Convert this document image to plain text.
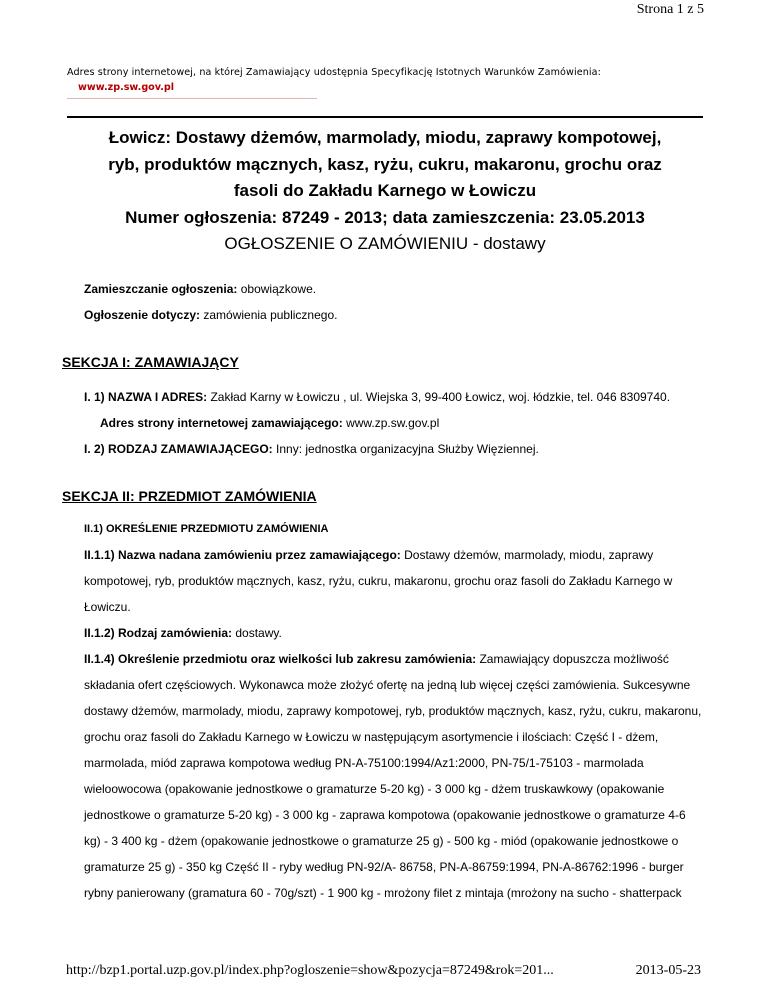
Strona 1 z 5
Adres strony internetowej, na której Zamawiający udostępnia Specyfikację Istotnych Warunków Zamówienia:
www.zp.sw.gov.pl
Łowicz: Dostawy dżemów, marmolady, miodu, zaprawy kompotowej,
ryb, produktów mącznych, kasz, ryżu, cukru, makaronu, grochu oraz
fasoli do Zakładu Karnego w Łowiczu
Numer ogłoszenia: 87249 - 2013; data zamieszczenia: 23.05.2013
OGŁOSZENIE O ZAMÓWIENIU - dostawy

Zamieszczanie ogłoszenia: obowiązkowe.

Ogłoszenie dotyczy: zamówienia publicznego.

SEKCJA I: ZAMAWIAJĄCY

I. 1) NAZWA I ADRES: Zakład Karny w Łowiczu , ul. Wiejska 3, 99-400 Łowicz, woj. łódzkie, tel. 046 8309740.

Adres strony internetowej zamawiającego: www.zp.sw.gov.pl

I. 2) RODZAJ ZAMAWIAJĄCEGO: Inny: jednostka organizacyjna Służby Więziennej.

SEKCJA II: PRZEDMIOT ZAMÓWIENIA

II.1) OKREŚLENIE PRZEDMIOTU ZAMÓWIENIA

II.1.1) Nazwa nadana zamówieniu przez zamawiającego: Dostawy dżemów, marmolady, miodu, zaprawy kompotowej, ryb, produktów mącznych, kasz, ryżu, cukru, makaronu, grochu oraz fasoli do Zakładu Karnego w Łowiczu.

II.1.2) Rodzaj zamówienia: dostawy.

II.1.4) Określenie przedmiotu oraz wielkości lub zakresu zamówienia: Zamawiający dopuszcza możliwość składania ofert częściowych. Wykonawca może złożyć ofertę na jedną lub więcej części zamówienia. Sukcesywne dostawy dżemów, marmolady, miodu, zaprawy kompotowej, ryb, produktów mącznych, kasz, ryżu, cukru, makaronu, grochu oraz fasoli do Zakładu Karnego w Łowiczu w następującym asortymencie i ilościach: Część I - dżem, marmolada, miód zaprawa kompotowa według PN-A-75100:1994/Az1:2000, PN-75/1-75103 - marmolada wieloowocowa (opakowanie jednostkowe o gramaturze 5-20 kg) - 3 000 kg - dżem truskawkowy (opakowanie jednostkowe o gramaturze 5-20 kg) - 3 000 kg - zaprawa kompotowa (opakowanie jednostkowe o gramaturze 4-6 kg) - 3 400 kg - dżem (opakowanie jednostkowe o gramaturze 25 g) - 500 kg - miód (opakowanie jednostkowe o gramaturze 25 g) - 350 kg Część II - ryby według PN-92/A- 86758, PN-A-86759:1994, PN-A-86762:1996 - burger rybny panierowany (gramatura 60 - 70g/szt) - 1 900 kg - mrożony filet z mintaja (mrożony na sucho - shatterpack

http://bzp1.portal.uzp.gov.pl/index.php?ogloszenie=show&pozycja=87249&rok=201...	2013-05-23
